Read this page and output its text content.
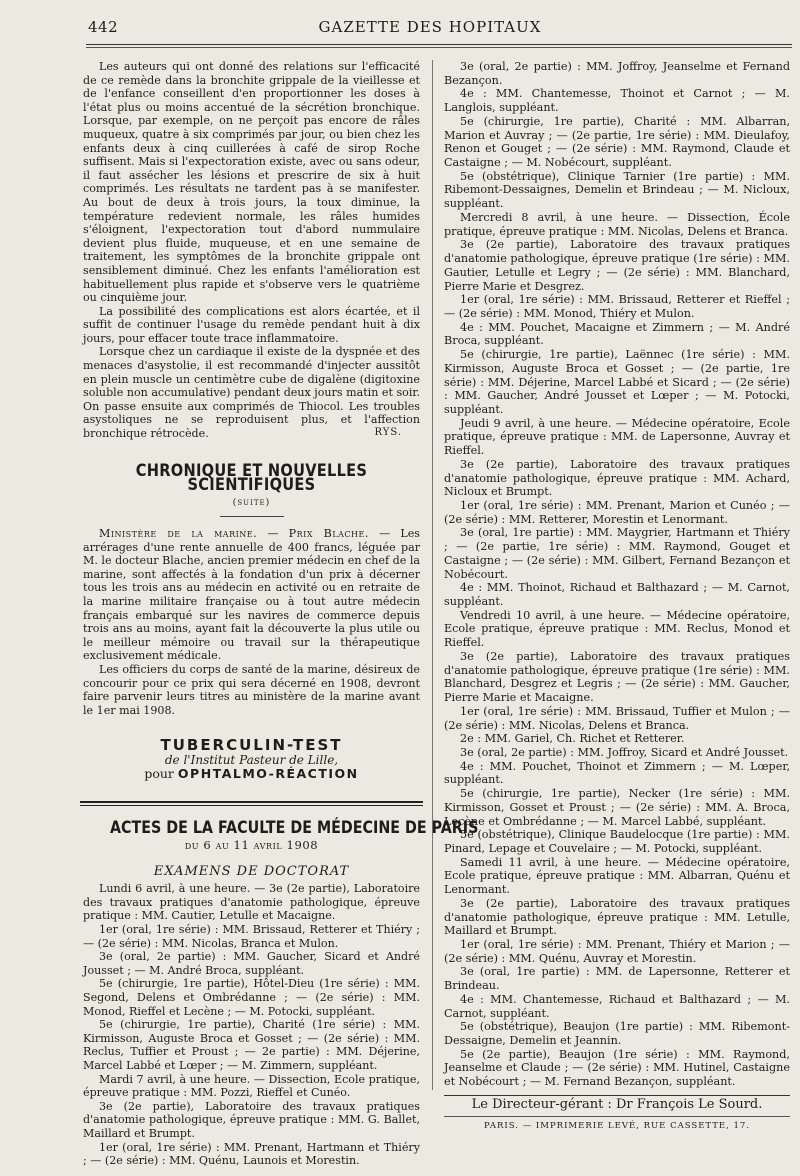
442	GAZETTE DES HOPITAUX

Les auteurs qui ont donné des relations sur l'efficacité de ce remède dans la bronchite grippale de la vieillesse et de l'enfance conseillent d'en proportionner les doses à l'état plus ou moins accentué de la sécrétion bronchique. Lorsque, par exemple, on ne perçoit pas encore de râles muqueux, quatre à six comprimés par jour, ou bien chez les enfants deux à cinq cuillerées à café de sirop Roche suffisent. Mais si l'expectoration existe, avec ou sans odeur, il faut assécher les lésions et prescrire de six à huit comprimés. Les résultats ne tardent pas à se manifester. Au bout de deux à trois jours, la toux diminue, la température redevient normale, les râles humides s'éloignent, l'expectoration tout d'abord nummulaire devient plus fluide, muqueuse, et en une semaine de traitement, les symptômes de la bronchite grippale ont sensiblement diminué. Chez les enfants l'amélioration est habituellement plus rapide et s'observe vers le quatrième ou cinquième jour.

La possibilité des complications est alors écartée, et il suffit de continuer l'usage du remède pendant huit à dix jours, pour effacer toute trace inflammatoire.

Lorsque chez un cardiaque il existe de la dyspnée et des menaces d'asystolie, il est recommandé d'injecter aussitôt en plein muscle un centimètre cube de digalène (digitoxine soluble non accumulative) pendant deux jours matin et soir. On passe ensuite aux comprimés de Thiocol. Les troubles asystoliques ne se reproduisent plus, et l'affection bronchique rétrocède.	RYS.
CHRONIQUE ET NOUVELLES SCIENTIFIQUES
(suite)

Ministère de la marine. — Prix Blache. — Les arrérages d'une rente annuelle de 400 francs, léguée par M. le docteur Blache, ancien premier médecin en chef de la marine, sont affectés à la fondation d'un prix à décerner tous les trois ans au médecin en activité ou en retraite de la marine militaire française ou à tout autre médecin français embarqué sur les navires de commerce depuis trois ans au moins, ayant fait la découverte la plus utile ou le meilleur mémoire ou travail sur la thérapeutique exclusivement médicale.

Les officiers du corps de santé de la marine, désireux de concourir pour ce prix qui sera décerné en 1908, devront faire parvenir leurs titres au ministère de la marine avant le 1er mai 1908.

TUBERCULIN-TEST
de l'Institut Pasteur de Lille,
pour OPHTALMO-RÉACTION
ACTES DE LA FACULTE DE MÉDECINE DE PARIS
du 6 au 11 avril 1908
EXAMENS DE DOCTORAT

Lundi 6 avril, à une heure. — 3e (2e partie), Laboratoire des travaux pratiques d'anatomie pathologique, épreuve pratique : MM. Cautier, Letulle et Macaigne.

1er (oral, 1re série) : MM. Brissaud, Retterer et Thiéry ; — (2e série) : MM. Nicolas, Branca et Mulon.

3e (oral, 2e partie) : MM. Gaucher, Sicard et André Jousset ; — M. André Broca, suppléant.

5e (chirurgie, 1re partie), Hôtel-Dieu (1re série) : MM. Segond, Delens et Ombrédanne ; — (2e série) : MM. Monod, Rieffel et Lecène ; — M. Potocki, suppléant.

5e (chirurgie, 1re partie), Charité (1re série) : MM. Kirmisson, Auguste Broca et Gosset ; — (2e série) : MM. Reclus, Tuffier et Proust ; — 2e partie) : MM. Déjerine, Marcel Labbé et Lœper ; — M. Zimmern, suppléant.

Mardi 7 avril, à une heure. — Dissection, Ecole pratique, épreuve pratique : MM. Pozzi, Rieffel et Cunéo.

3e (2e partie), Laboratoire des travaux pratiques d'anatomie pathologique, épreuve pratique : MM. G. Ballet, Maillard et Brumpt.

1er (oral, 1re série) : MM. Prenant, Hartmann et Thiéry ; — (2e série) : MM. Quénu, Launois et Morestin.

3e (oral, 2e partie) : MM. Joffroy, Jeanselme et Fernand Bezançon.

4e : MM. Chantemesse, Thoinot et Carnot ; — M. Langlois, suppléant.

5e (chirurgie, 1re partie), Charité : MM. Albarran, Marion et Auvray ; — (2e partie, 1re série) : MM. Dieulafoy, Renon et Gouget ; — (2e série) : MM. Raymond, Claude et Castaigne ; — M. Nobécourt, suppléant.

5e (obstétrique), Clinique Tarnier (1re partie) : MM. Ribemont-Dessaignes, Demelin et Brindeau ; — M. Nicloux, suppléant.

Mercredi 8 avril, à une heure. — Dissection, École pratique, épreuve pratique : MM. Nicolas, Delens et Branca.

3e (2e partie), Laboratoire des travaux pratiques d'anatomie pathologique, épreuve pratique (1re série) : MM. Gautier, Letulle et Legry ; — (2e série) : MM. Blanchard, Pierre Marie et Desgrez.

1er (oral, 1re série) : MM. Brissaud, Retterer et Rieffel ; — (2e série) : MM. Monod, Thiéry et Mulon.

4e : MM. Pouchet, Macaigne et Zimmern ; — M. André Broca, suppléant.

5e (chirurgie, 1re partie), Laënnec (1re série) : MM. Kirmisson, Auguste Broca et Gosset ; — (2e partie, 1re série) : MM. Déjerine, Marcel Labbé et Sicard ; — (2e série) : MM. Gaucher, André Jousset et Lœper ; — M. Potocki, suppléant.

Jeudi 9 avril, à une heure. — Médecine opératoire, Ecole pratique, épreuve pratique : MM. de Lapersonne, Auvray et Rieffel.

3e (2e partie), Laboratoire des travaux pratiques d'anatomie pathologique, épreuve pratique : MM. Achard, Nicloux et Brumpt.

1er (oral, 1re série) : MM. Prenant, Marion et Cunéo ; — (2e série) : MM. Retterer, Morestin et Lenormant.

3e (oral, 1re partie) : MM. Maygrier, Hartmann et Thiéry ; — (2e partie, 1re série) : MM. Raymond, Gouget et Castaigne ; — (2e série) : MM. Gilbert, Fernand Bezançon et Nobécourt.

4e : MM. Thoinot, Richaud et Balthazard ; — M. Carnot, suppléant.

Vendredi 10 avril, à une heure. — Médecine opératoire, Ecole pratique, épreuve pratique : MM. Reclus, Monod et Rieffel.

3e (2e partie), Laboratoire des travaux pratiques d'anatomie pathologique, épreuve pratique (1re série) : MM. Blanchard, Desgrez et Legris ; — (2e série) : MM. Gaucher, Pierre Marie et Macaigne.

1er (oral, 1re série) : MM. Brissaud, Tuffier et Mulon ; — (2e série) : MM. Nicolas, Delens et Branca.

2e : MM. Gariel, Ch. Richet et Retterer.

3e (oral, 2e partie) : MM. Joffroy, Sicard et André Jousset.

4e : MM. Pouchet, Thoinot et Zimmern ; — M. Lœper, suppléant.

5e (chirurgie, 1re partie), Necker (1re série) : MM. Kirmisson, Gosset et Proust ; — (2e série) : MM. A. Broca, Lecène et Ombrédanne ; — M. Marcel Labbé, suppléant.

5e (obstétrique), Clinique Baudelocque (1re partie) : MM. Pinard, Lepage et Couvelaire ; — M. Potocki, suppléant.

Samedi 11 avril, à une heure. — Médecine opératoire, Ecole pratique, épreuve pratique : MM. Albarran, Quénu et Lenormant.

3e (2e partie), Laboratoire des travaux pratiques d'anatomie pathologique, épreuve pratique : MM. Letulle, Maillard et Brumpt.

1er (oral, 1re série) : MM. Prenant, Thiéry et Marion ; — (2e série) : MM. Quénu, Auvray et Morestin.

3e (oral, 1re partie) : MM. de Lapersonne, Retterer et Brindeau.

4e : MM. Chantemesse, Richaud et Balthazard ; — M. Carnot, suppléant.

5e (obstétrique), Beaujon (1re partie) : MM. Ribemont-Dessaigne, Demelin et Jeannin.

5e (2e partie), Beaujon (1re série) : MM. Raymond, Jeanselme et Claude ; — (2e série) : MM. Hutinel, Castaigne et Nobécourt ; — M. Fernand Bezançon, suppléant.

Le Directeur-gérant : Dr François Le Sourd.
PARIS. — IMPRIMERIE LEVÉ, RUE CASSETTE, 17.
